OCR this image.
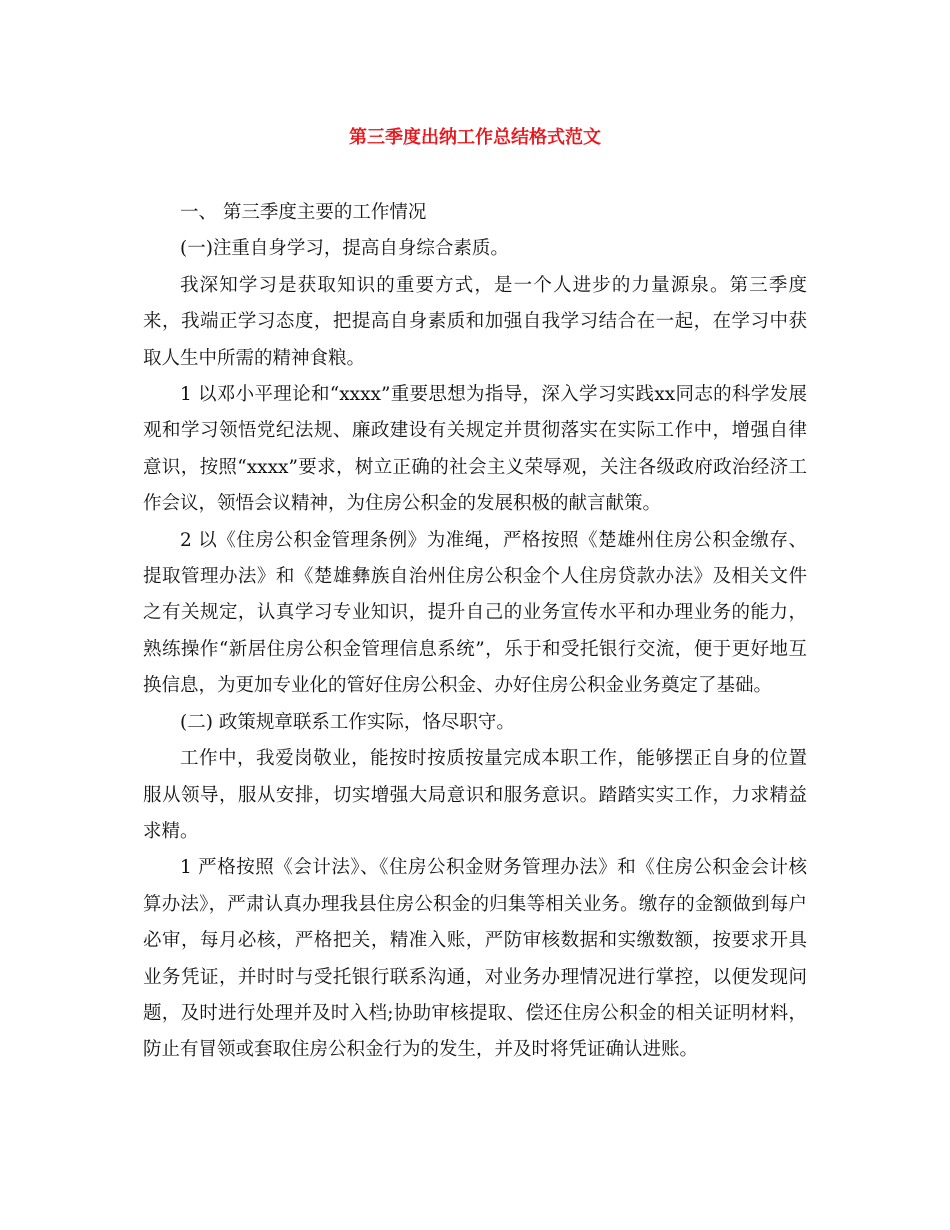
第三季度出纳工作总结格式范文

一、 第三季度主要的工作情况

(一)注重自身学习，提高自身综合素质。

我深知学习是获取知识的重要方式，是一个人进步的力量源泉。第三季度来，我端正学习态度，把提高自身素质和加强自我学习结合在一起，在学习中获取人生中所需的精神食粮。

1 以邓小平理论和“xxxx”重要思想为指导，深入学习实践xx同志的科学发展观和学习领悟党纪法规、廉政建设有关规定并贯彻落实在实际工作中，增强自律意识，按照“xxxx”要求，树立正确的社会主义荣辱观，关注各级政府政治经济工作会议，领悟会议精神，为住房公积金的发展积极的献言献策。

2 以《住房公积金管理条例》为准绳，严格按照《楚雄州住房公积金缴存、提取管理办法》和《楚雄彝族自治州住房公积金个人住房贷款办法》及相关文件之有关规定，认真学习专业知识，提升自己的业务宣传水平和办理业务的能力，熟练操作“新居住房公积金管理信息系统”，乐于和受托银行交流，便于更好地互换信息，为更加专业化的管好住房公积金、办好住房公积金业务奠定了基础。

(二) 政策规章联系工作实际，恪尽职守。

工作中，我爱岗敬业，能按时按质按量完成本职工作，能够摆正自身的位置服从领导，服从安排，切实增强大局意识和服务意识。踏踏实实工作，力求精益求精。

1 严格按照《会计法》、《住房公积金财务管理办法》和《住房公积金会计核算办法》，严肃认真办理我县住房公积金的归集等相关业务。缴存的金额做到每户必审，每月必核，严格把关，精准入账，严防审核数据和实缴数额，按要求开具业务凭证，并时时与受托银行联系沟通，对业务办理情况进行掌控，以便发现问题，及时进行处理并及时入档;协助审核提取、偿还住房公积金的相关证明材料，防止有冒领或套取住房公积金行为的发生，并及时将凭证确认进账。
